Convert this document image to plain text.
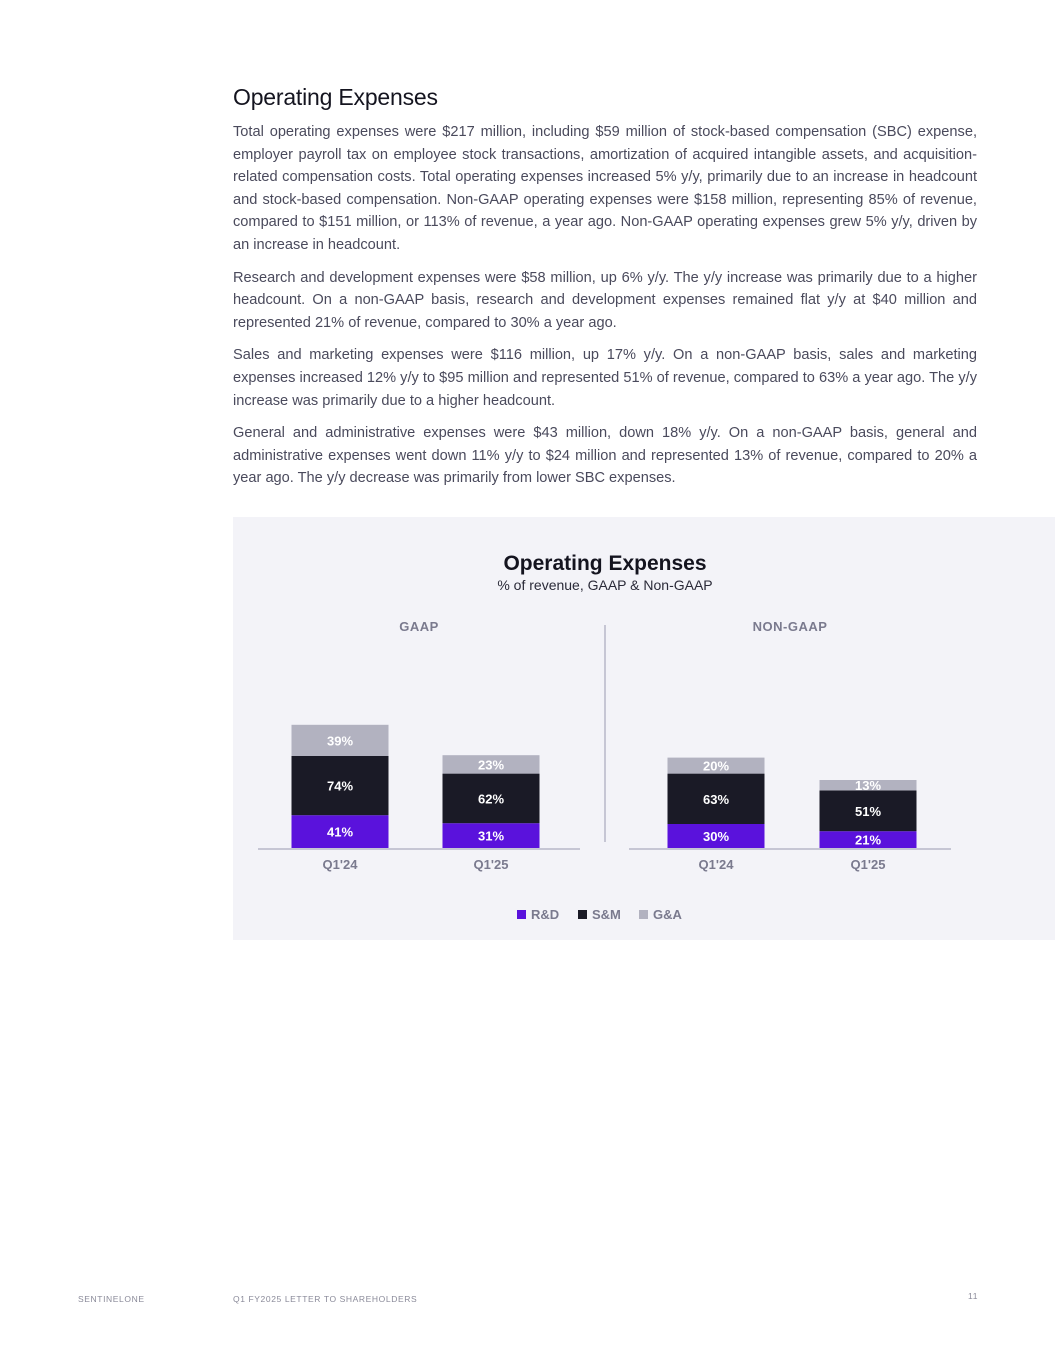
Operating Expenses

Total operating expenses were $217 million, including $59 million of stock-based compensation (SBC) expense, employer payroll tax on employee stock transactions, amortization of acquired intangible assets, and acquisition-related compensation costs. Total operating expenses increased 5% y/y, primarily due to an increase in headcount and stock-based compensation. Non-GAAP operating expenses were $158 million, representing 85% of revenue, compared to $151 million, or 113% of revenue, a year ago. Non-GAAP operating expenses grew 5% y/y, driven by an increase in headcount.

Research and development expenses were $58 million, up 6% y/y. The y/y increase was primarily due to a higher headcount. On a non-GAAP basis, research and development expenses remained flat y/y at $40 million and represented 21% of revenue, compared to 30% a year ago.

Sales and marketing expenses were $116 million, up 17% y/y. On a non-GAAP basis, sales and marketing expenses increased 12% y/y to $95 million and represented 51% of revenue, compared to 63% a year ago. The y/y increase was primarily due to a higher headcount.

General and administrative expenses were $43 million, down 18% y/y. On a non-GAAP basis, general and administrative expenses went down 11% y/y to $24 million and represented 13% of revenue, compared to 20% a year ago. The y/y decrease was primarily from lower SBC expenses.

Operating Expenses
% of revenue, GAAP & Non-GAAP
GAAP
41%
74%
39%
Q1'24
31%
62%
23%
Q1'25
NON-GAAP
30%
63%
20%
Q1'24
21%
51%
13%
Q1'25
R&D	S&M G&A
SENTINELONE	Q1 FY2025 LETTER TO SHAREHOLDERS	11
